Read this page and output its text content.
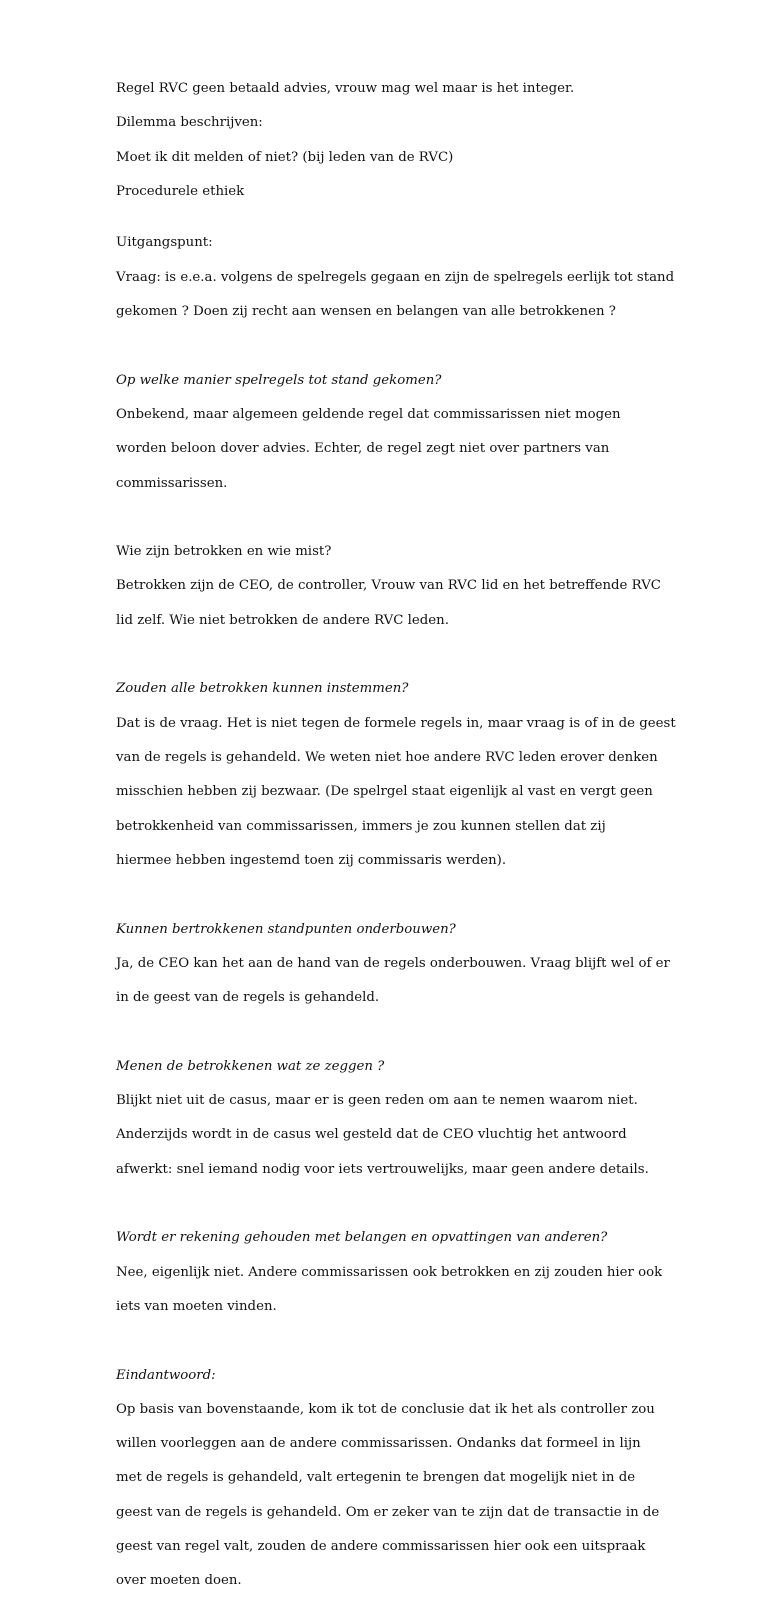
Regel RVC geen betaald advies, vrouw mag wel maar is het integer.

Dilemma beschrijven:

Moet ik dit melden of niet? (bij leden van de RVC)

Procedurele ethiek

Uitgangspunt:

Vraag: is e.e.a. volgens de spelregels gegaan en zijn de spelregels eerlijk tot stand

gekomen ? Doen zij recht aan wensen en belangen van alle betrokkenen ?

Op welke manier spelregels tot stand gekomen?

Onbekend, maar algemeen geldende regel dat commissarissen niet mogen

worden beloon dover advies. Echter, de regel zegt niet over partners van

commissarissen.

Wie zijn betrokken en wie mist?

Betrokken zijn de CEO, de controller, Vrouw van RVC lid en het betreffende RVC

lid zelf. Wie niet betrokken de andere RVC leden.

Zouden alle betrokken kunnen instemmen?

Dat is de vraag. Het is niet tegen de formele regels in, maar vraag is of in de geest

van de regels is gehandeld. We weten niet hoe andere RVC leden erover denken

misschien hebben zij bezwaar. (De spelrgel staat eigenlijk al vast en vergt geen

betrokkenheid van commissarissen, immers je zou kunnen stellen dat zij

hiermee hebben ingestemd toen zij commissaris werden).

Kunnen bertrokkenen standpunten onderbouwen?

Ja, de CEO kan het aan de hand van de regels onderbouwen. Vraag blijft wel of er

in de geest van de regels is gehandeld.

Menen de betrokkenen wat ze zeggen ?

Blijkt niet uit de casus, maar er is geen reden om aan te nemen waarom niet.

Anderzijds wordt in de casus wel gesteld dat de CEO vluchtig het antwoord

afwerkt: snel iemand nodig voor iets vertrouwelijks, maar geen andere details.

Wordt er rekening gehouden met belangen en opvattingen van anderen?

Nee, eigenlijk niet. Andere commissarissen ook betrokken en zij zouden hier ook

iets van moeten vinden.

Eindantwoord:

Op basis van bovenstaande, kom ik tot de conclusie dat ik het als controller zou

willen voorleggen aan de andere commissarissen. Ondanks dat formeel in lijn

met de regels is gehandeld, valt ertegenin te brengen dat mogelijk niet in de

geest van de regels is gehandeld. Om er zeker van te zijn dat de transactie in de

geest van regel valt, zouden de andere commissarissen hier ook een uitspraak

over moeten doen.
